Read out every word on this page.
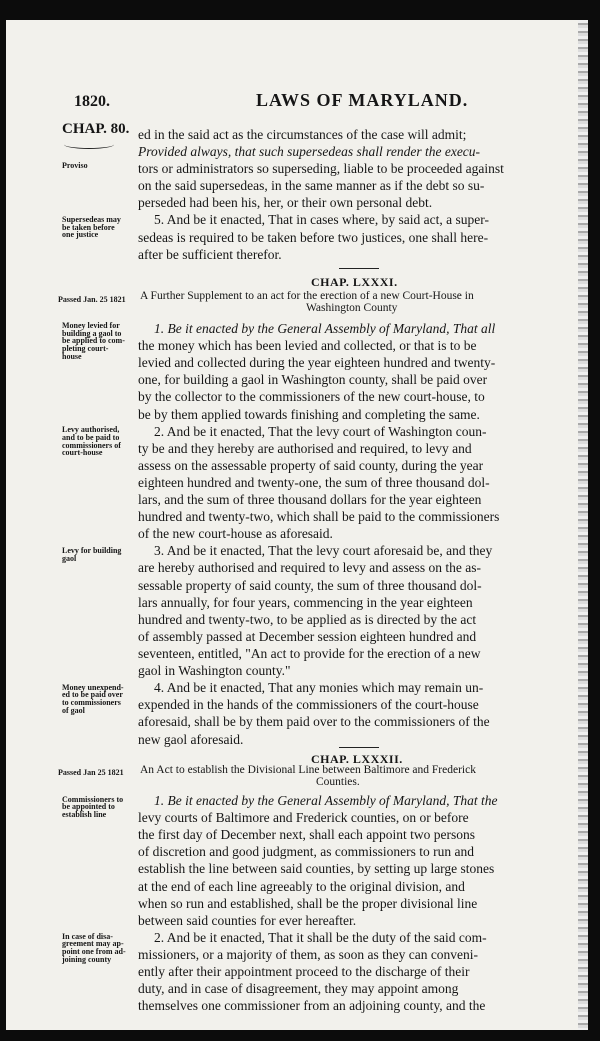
1820.	LAWS OF MARYLAND.
CHAP. 80. ed in the said act as the circumstances of the case will admit;
Provided always, that such supersedeas shall render the execu-
tors or administrators so superseding, liable to be proceeded against
on the said supersedeas, in the same manner as if the debt so su-
perseded had been his, her, or their own personal debt.
5. And be it enacted, That in cases where, by said act, a super-
sedeas is required to be taken before two justices, one shall here-
after be sufficient therefor.
Proviso
Supersedeas may
be taken before
one justice
CHAP. LXXXI.
Passed Jan. 25 1821 A Further Supplement to an act for the erection of a new Court-House in
Washington County
1. Be it enacted by the General Assembly of Maryland, That all
the money which has been levied and collected, or that is to be
levied and collected during the year eighteen hundred and twenty-
one, for building a gaol in Washington county, shall be paid over
by the collector to the commissioners of the new court-house, to
be by them applied towards finishing and completing the same.
2. And be it enacted, That the levy court of Washington coun-
ty be and they hereby are authorised and required, to levy and
assess on the assessable property of said county, during the year
eighteen hundred and twenty-one, the sum of three thousand dol-
lars, and the sum of three thousand dollars for the year eighteen
hundred and twenty-two, which shall be paid to the commissioners
of the new court-house as aforesaid.
3. And be it enacted, That the levy court aforesaid be, and they
are hereby authorised and required to levy and assess on the as-
sessable property of said county, the sum of three thousand dol-
lars annually, for four years, commencing in the year eighteen
hundred and twenty-two, to be applied as is directed by the act
of assembly passed at December session eighteen hundred and
seventeen, entitled, "An act to provide for the erection of a new
gaol in Washington county."
4. And be it enacted, That any monies which may remain un-
expended in the hands of the commissioners of the court-house
aforesaid, shall be by them paid over to the commissioners of the
new gaol aforesaid.
Money levied for
building a gaol to
be applied to com-
pleting court-
house
Levy authorised,
and to be paid to
commissioners of
court-house
Levy for building
gaol
Money unexpend-
ed to be paid over
to commissioners
of gaol
CHAP. LXXXII.
Passed Jan 25 1821 An Act to establish the Divisional Line between Baltimore and Frederick
Counties.
1. Be it enacted by the General Assembly of Maryland, That the
levy courts of Baltimore and Frederick counties, on or before
the first day of December next, shall each appoint two persons
of discretion and good judgment, as commissioners to run and
establish the line between said counties, by setting up large stones
at the end of each line agreeably to the original division, and
when so run and established, shall be the proper divisional line
between said counties for ever hereafter.
2. And be it enacted, That it shall be the duty of the said com-
missioners, or a majority of them, as soon as they can conveni-
ently after their appointment proceed to the discharge of their
duty, and in case of disagreement, they may appoint among
themselves one commissioner from an adjoining county, and the
Commissioners to
be appointed to
establish line
In case of disa-
greement may ap-
point one from ad-
joining county
